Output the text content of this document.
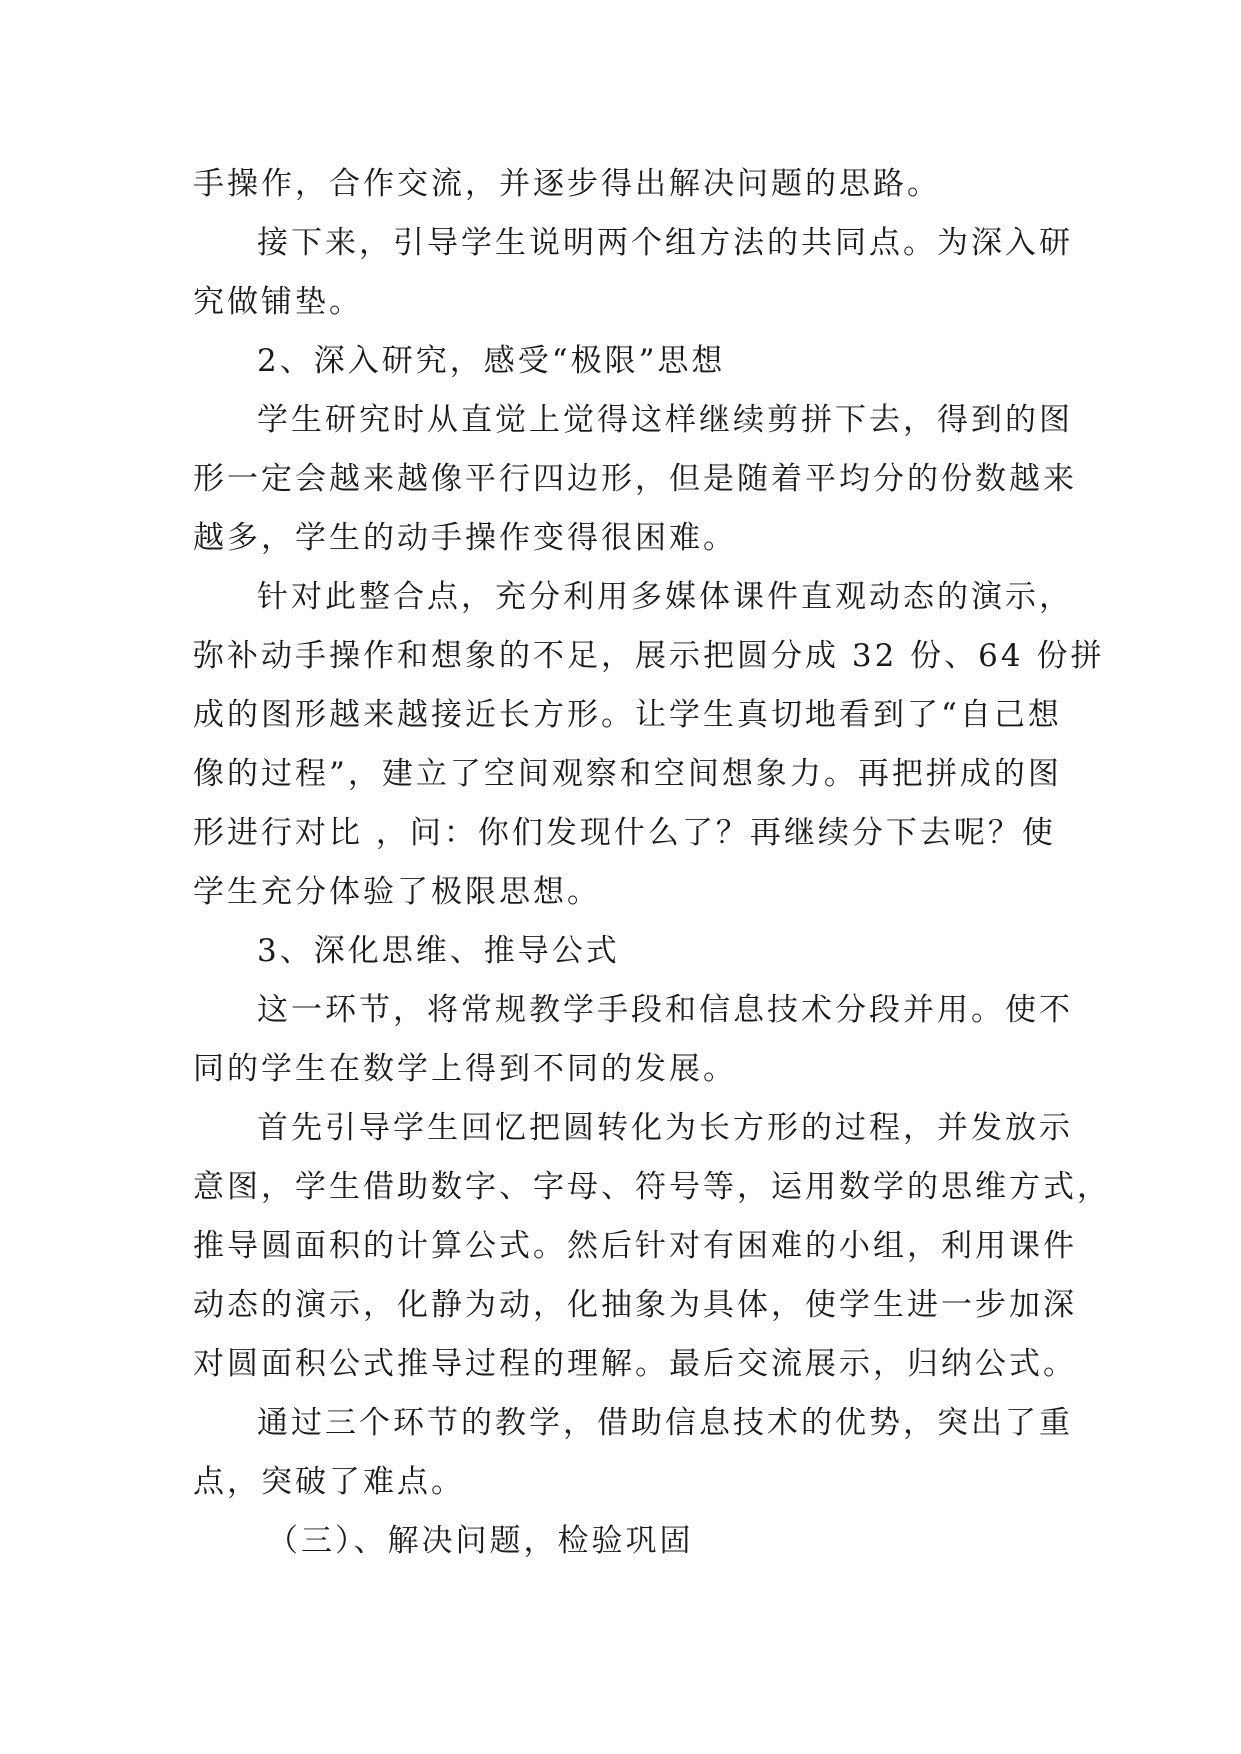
手操作，合作交流，并逐步得出解决问题的思路。

接下来，引导学生说明两个组方法的共同点。为深入研

究做铺垫。

2、深入研究，感受“极限”思想

学生研究时从直觉上觉得这样继续剪拼下去，得到的图

形一定会越来越像平行四边形，但是随着平均分的份数越来

越多，学生的动手操作变得很困难。

针对此整合点，充分利用多媒体课件直观动态的演示，

弥补动手操作和想象的不足，展示把圆分成 32 份、64 份拼

成的图形越来越接近长方形。让学生真切地看到了“自己想

像的过程”，建立了空间观察和空间想象力。再把拼成的图

形进行对比 ，问：你们发现什么了？再继续分下去呢？使

学生充分体验了极限思想。

3、深化思维、推导公式

这一环节，将常规教学手段和信息技术分段并用。使不

同的学生在数学上得到不同的发展。

首先引导学生回忆把圆转化为长方形的过程，并发放示

意图，学生借助数字、字母、符号等，运用数学的思维方式，

推导圆面积的计算公式。然后针对有困难的小组，利用课件

动态的演示，化静为动，化抽象为具体，使学生进一步加深

对圆面积公式推导过程的理解。最后交流展示，归纳公式。

通过三个环节的教学，借助信息技术的优势，突出了重

点，突破了难点。

（三）、解决问题，检验巩固
